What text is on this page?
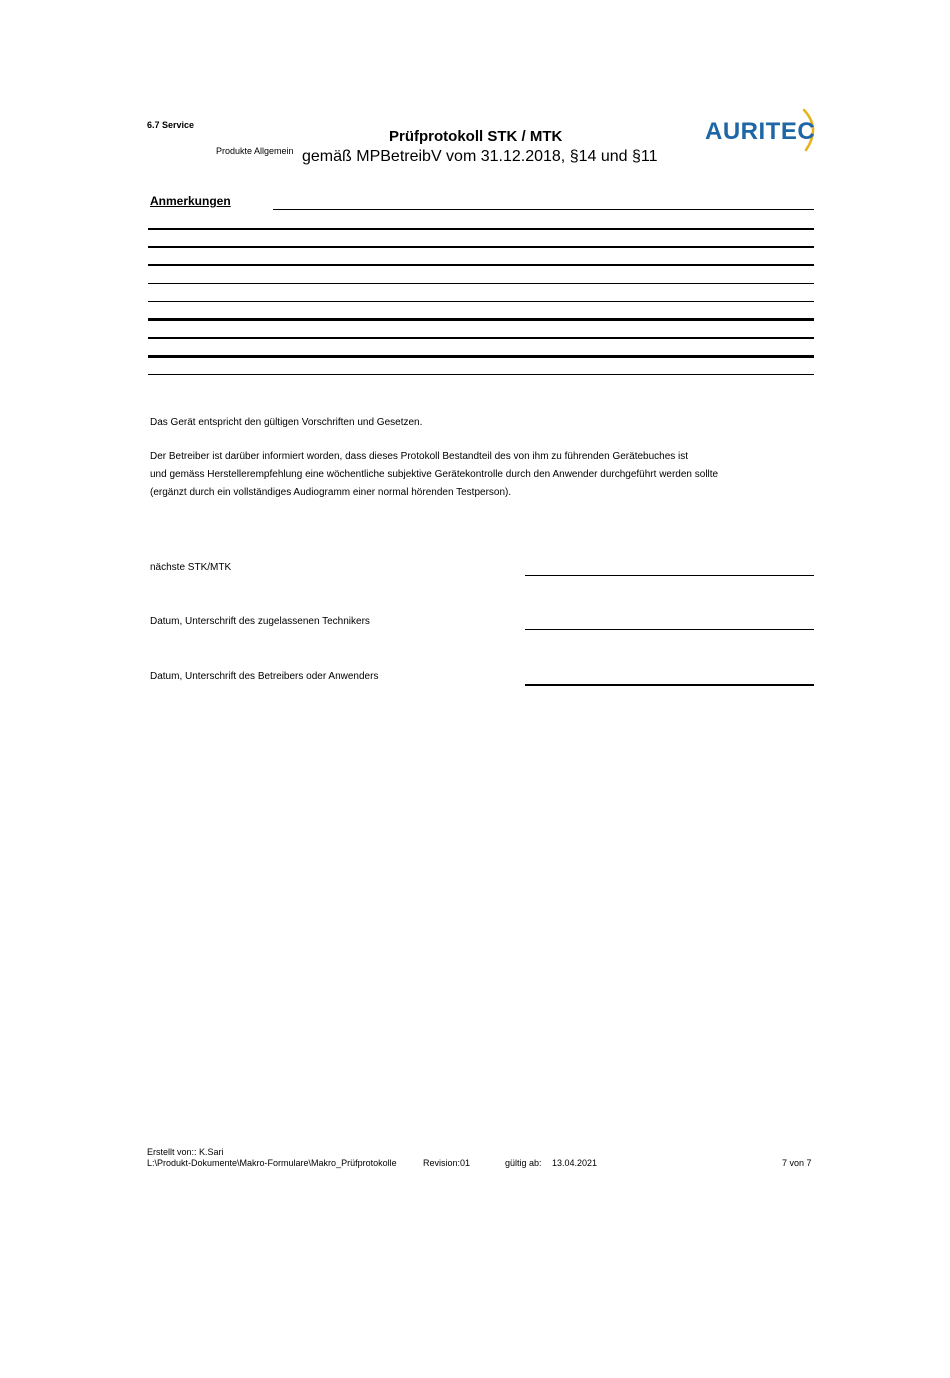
6.7 Service
Produkte Allgemein
Prüfprotokoll STK / MTK
gemäß MPBetreibV vom 31.12.2018, §14 und §11
AURITEC
Anmerkungen
Das Gerät entspricht den gültigen Vorschriften und Gesetzen.
Der Betreiber ist darüber informiert worden, dass dieses Protokoll Bestandteil des von ihm zu führenden Gerätebuches ist
und gemäss Herstellerempfehlung eine wöchentliche subjektive Gerätekontrolle durch den Anwender durchgeführt werden sollte
(ergänzt durch ein vollständiges Audiogramm einer normal hörenden Testperson).
nächste STK/MTK
Datum, Unterschrift des zugelassenen Technikers
Datum, Unterschrift des Betreibers oder Anwenders
Erstellt von:: K.Sari
L:\Produkt-Dokumente\Makro-Formulare\Makro_Prüfprotokolle	Revision:01	gültig ab: 13.04.2021	7 von 7
